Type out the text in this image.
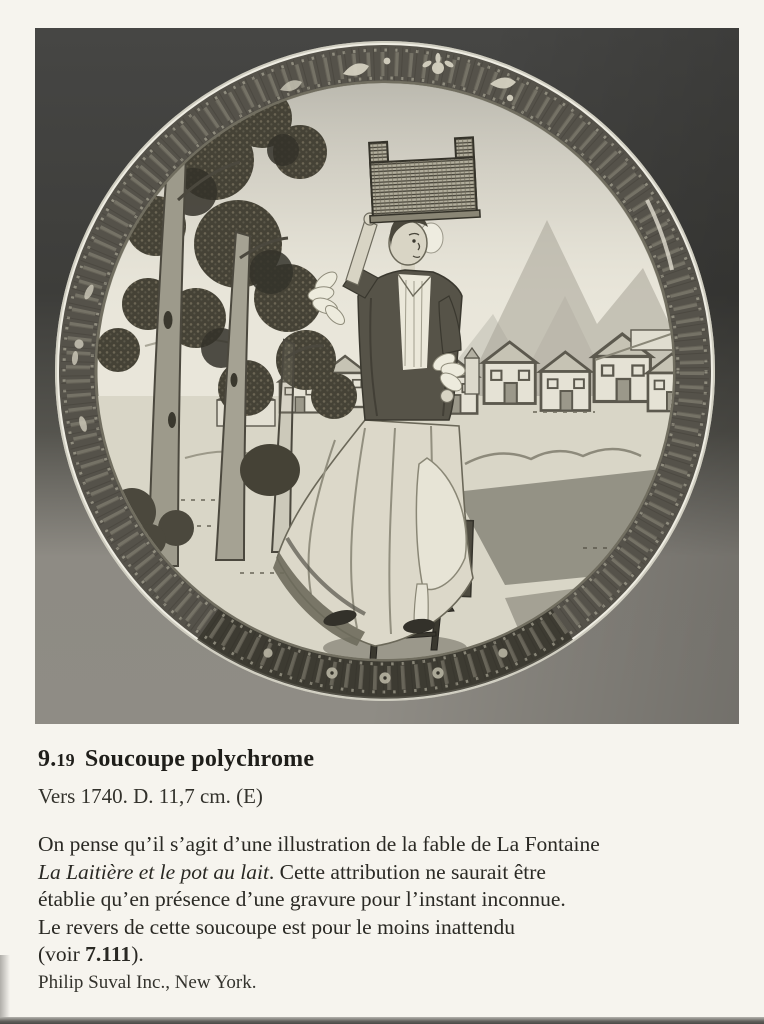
9.19 Soucoupe polychrome

Vers 1740. D. 11,7 cm. (E)

On pense qu’il s’agit d’une illustration de la fable de La Fontaine
La Laitière et le pot au lait. Cette attribution ne saurait être
établie qu’en présence d’une gravure pour l’instant inconnue.
Le revers de cette soucoupe est pour le moins inattendu
(voir 7.111).

Philip Suval Inc., New York.
